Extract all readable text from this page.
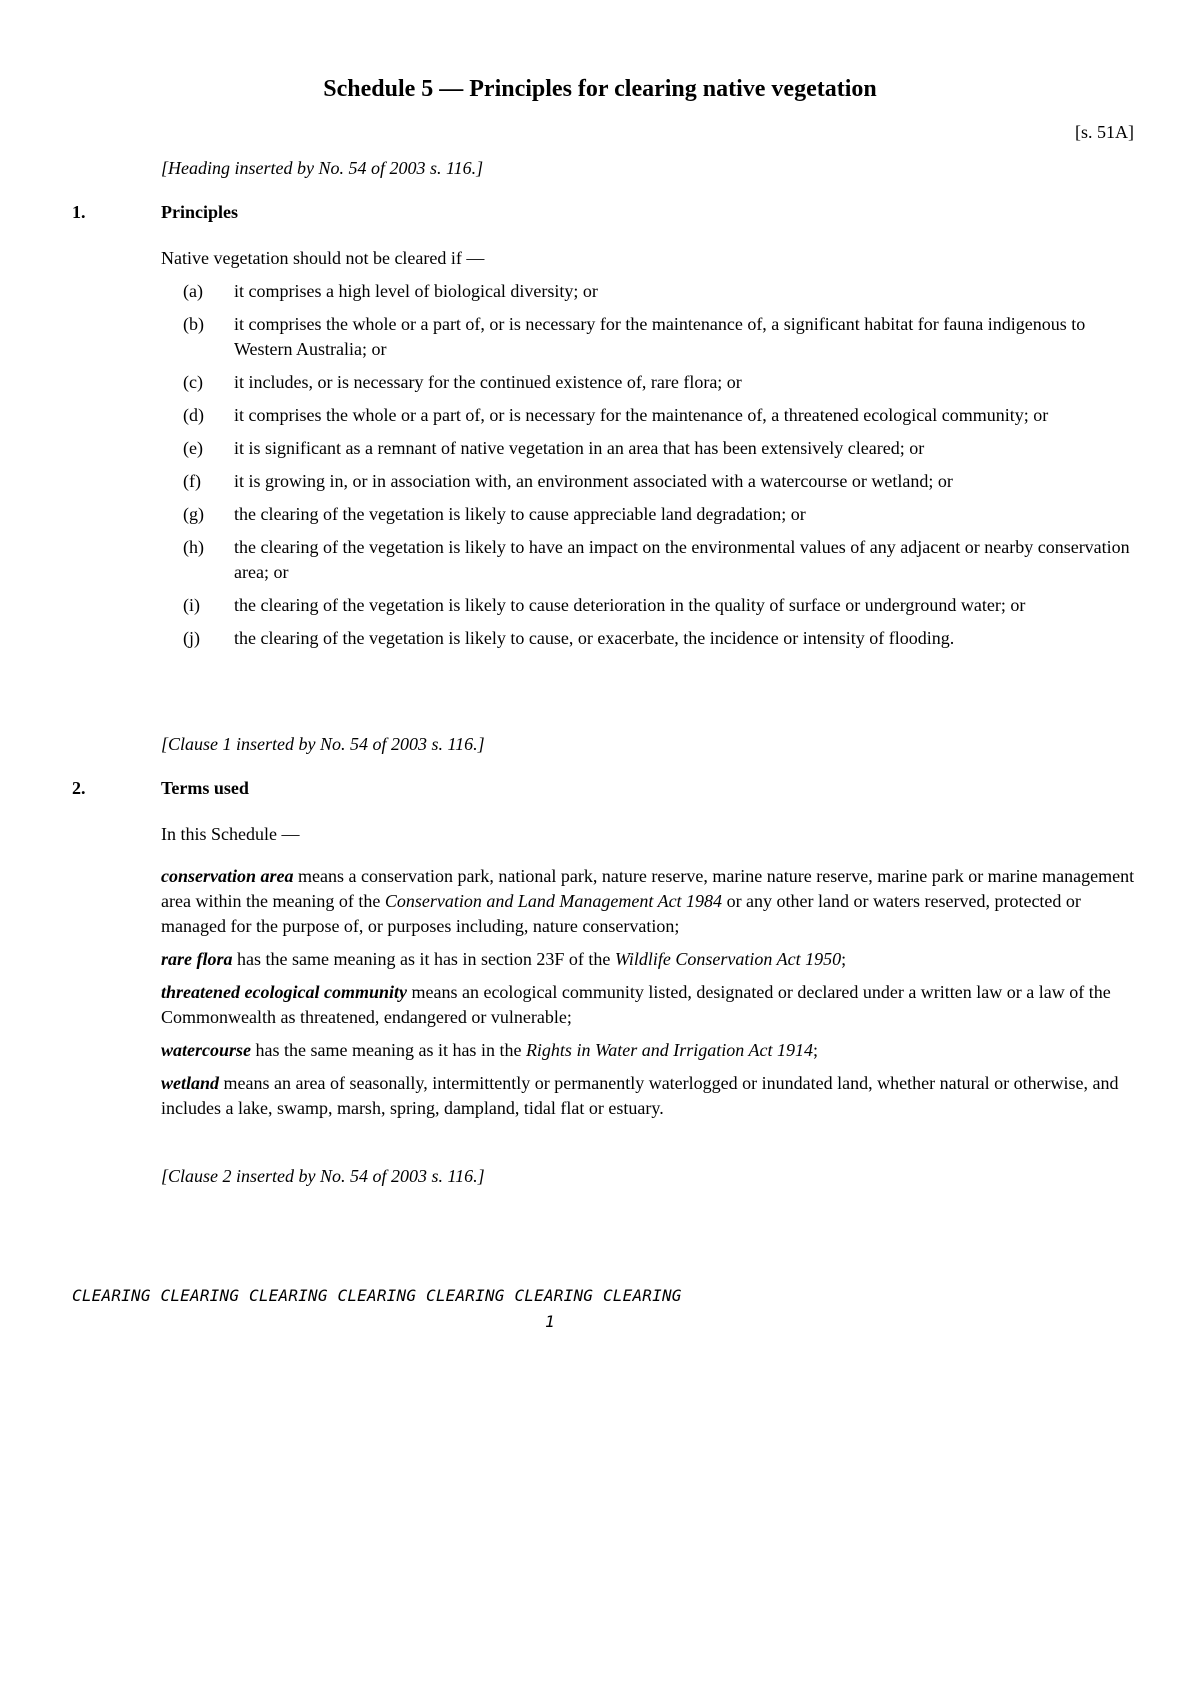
Schedule 5 — Principles for clearing native vegetation
[s. 51A]
[Heading inserted by No. 54 of 2003 s. 116.]
1.	Principles
Native vegetation should not be cleared if —
(a) it comprises a high level of biological diversity; or
(b) it comprises the whole or a part of, or is necessary for the maintenance of, a significant habitat for fauna indigenous to Western Australia; or
(c) it includes, or is necessary for the continued existence of, rare flora; or
(d) it comprises the whole or a part of, or is necessary for the maintenance of, a threatened ecological community; or
(e) it is significant as a remnant of native vegetation in an area that has been extensively cleared; or
(f) it is growing in, or in association with, an environment associated with a watercourse or wetland; or
(g) the clearing of the vegetation is likely to cause appreciable land degradation; or
(h) the clearing of the vegetation is likely to have an impact on the environmental values of any adjacent or nearby conservation area; or
(i) the clearing of the vegetation is likely to cause deterioration in the quality of surface or underground water; or
(j) the clearing of the vegetation is likely to cause, or exacerbate, the incidence or intensity of flooding.
[Clause 1 inserted by No. 54 of 2003 s. 116.]
2.	Terms used
In this Schedule —
conservation area means a conservation park, national park, nature reserve, marine nature reserve, marine park or marine management area within the meaning of the Conservation and Land Management Act 1984 or any other land or waters reserved, protected or managed for the purpose of, or purposes including, nature conservation;
rare flora has the same meaning as it has in section 23F of the Wildlife Conservation Act 1950;
threatened ecological community means an ecological community listed, designated or declared under a written law or a law of the Commonwealth as threatened, endangered or vulnerable;
watercourse has the same meaning as it has in the Rights in Water and Irrigation Act 1914;
wetland means an area of seasonally, intermittently or permanently waterlogged or inundated land, whether natural or otherwise, and includes a lake, swamp, marsh, spring, dampland, tidal flat or estuary.
[Clause 2 inserted by No. 54 of 2003 s. 116.]
CLEARING CLEARING CLEARING CLEARING CLEARING CLEARING CLEARING
1
